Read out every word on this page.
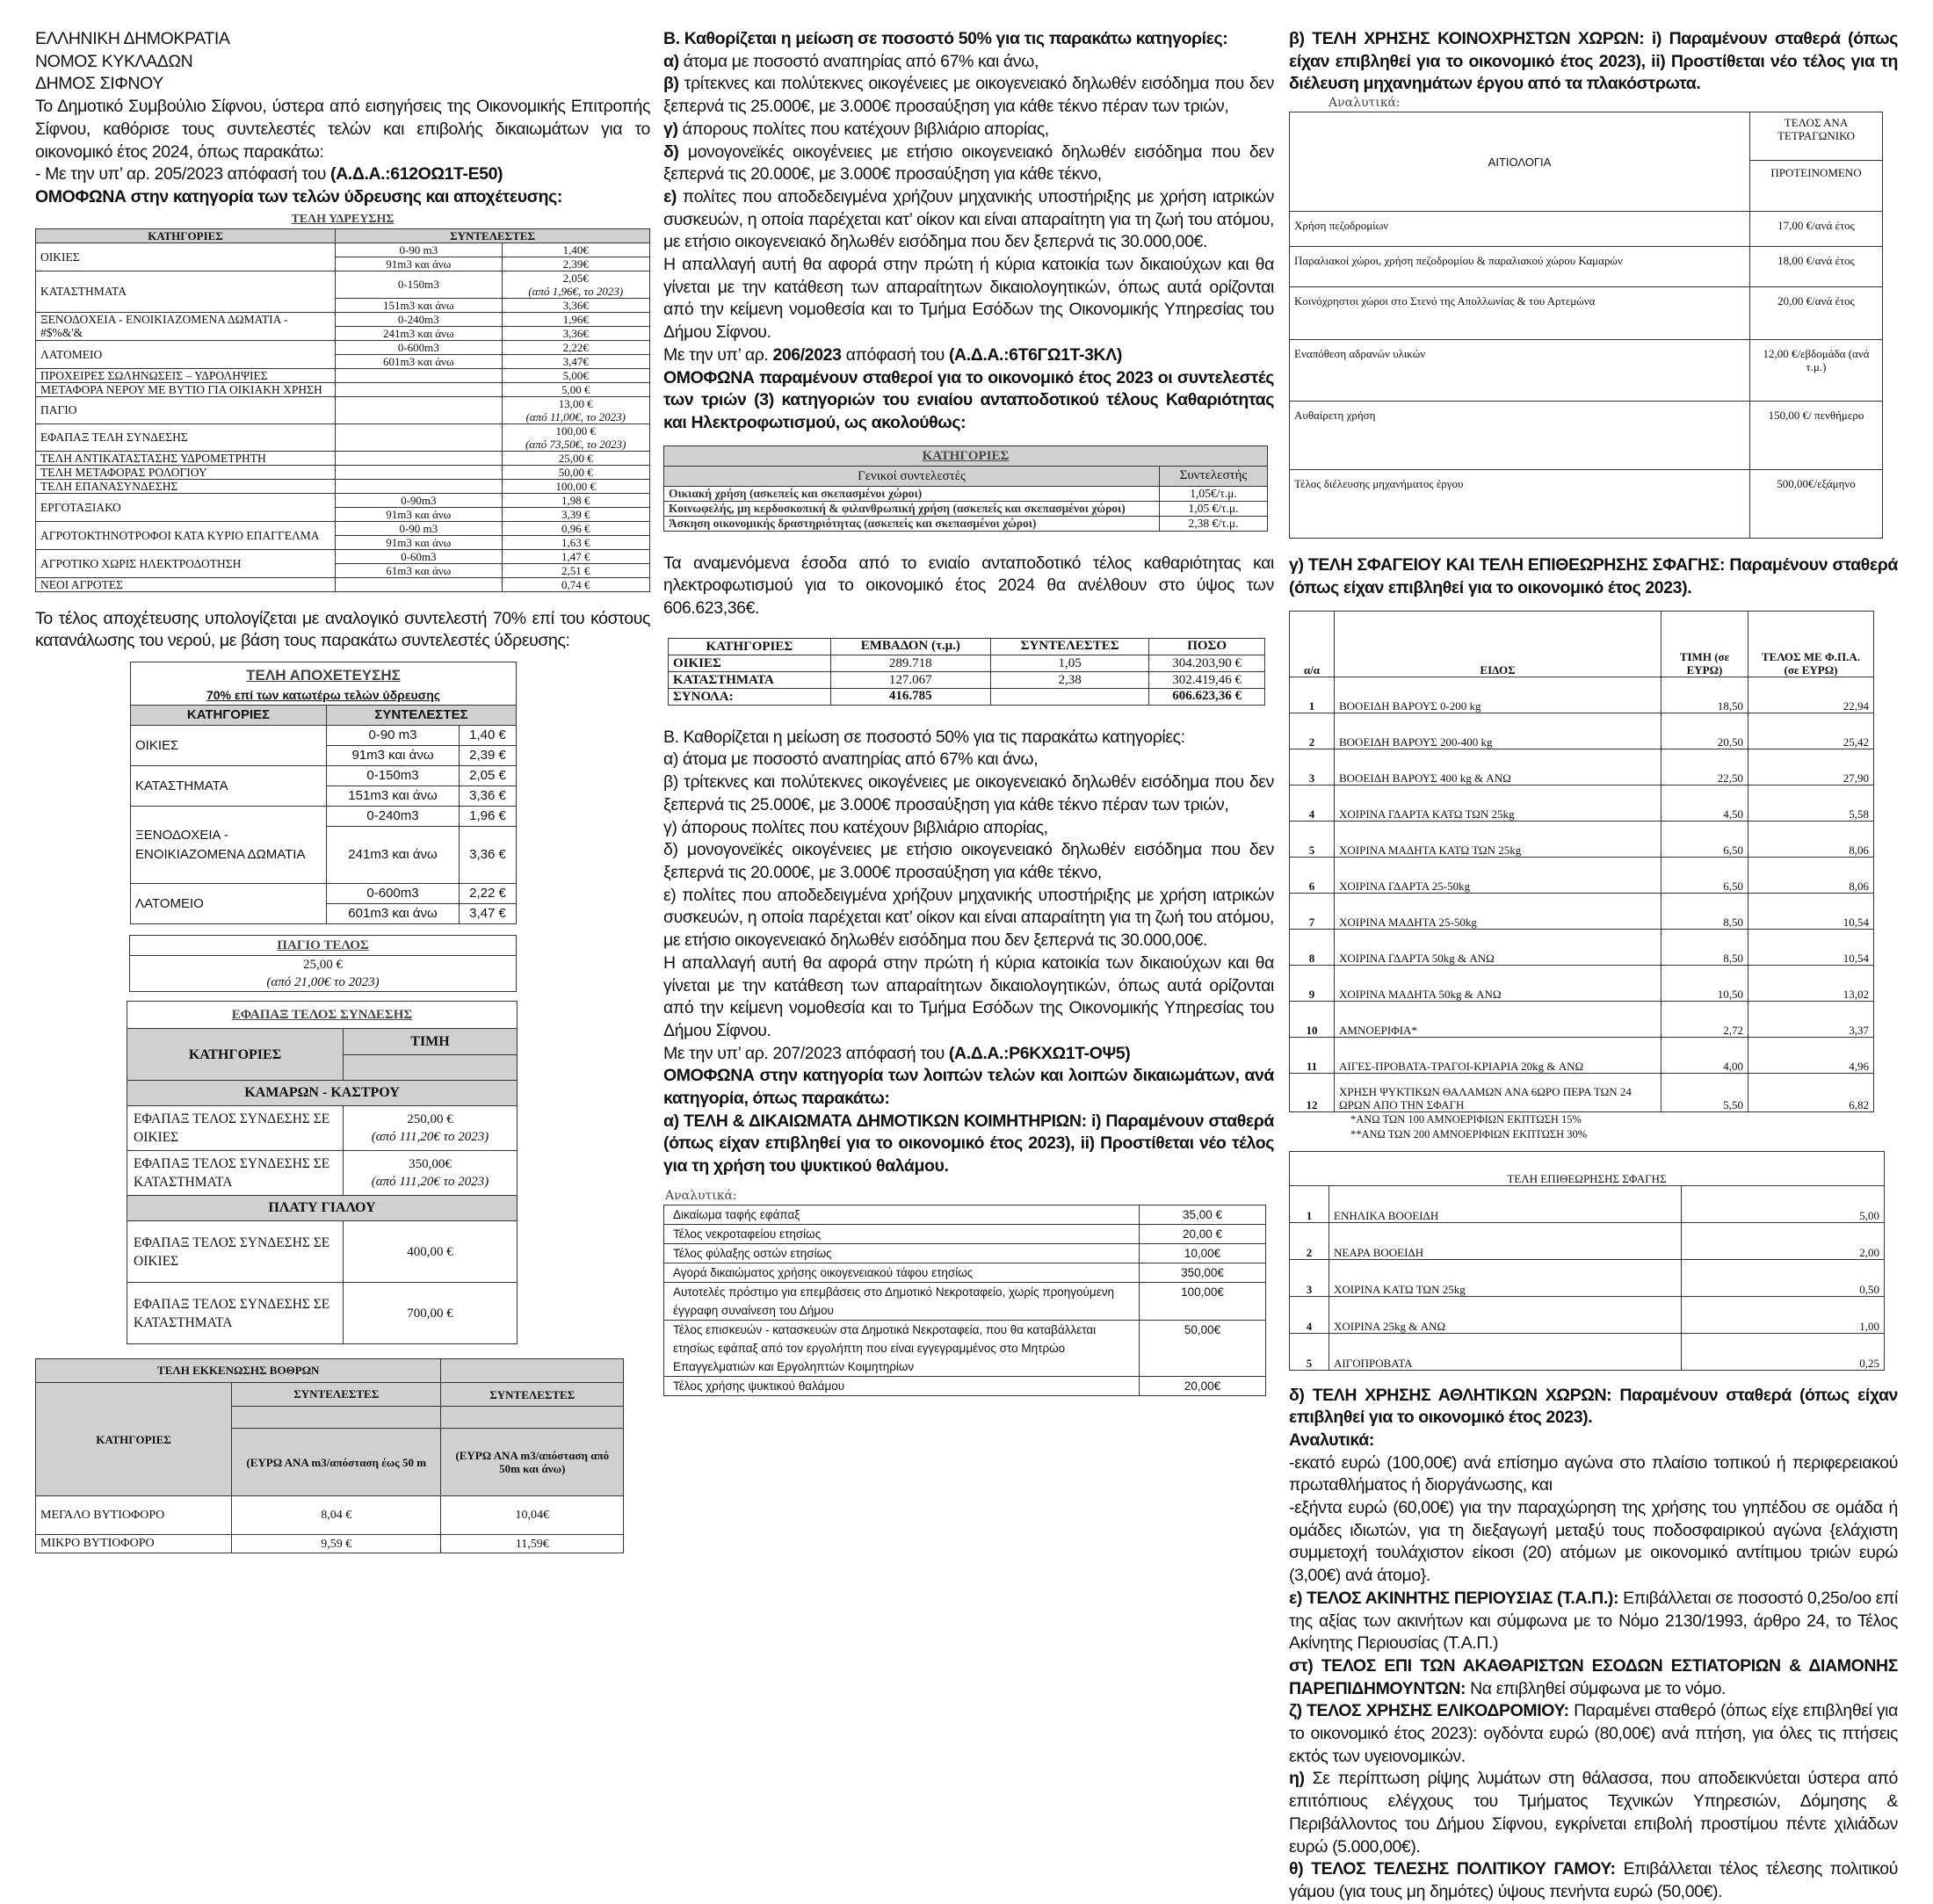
ΕΛΛΗΝΙΚΗ ΔΗΜΟΚΡΑΤΙΑ

ΝΟΜΟΣ ΚΥΚΛΑΔΩΝ

ΔΗΜΟΣ ΣΙΦΝΟΥ

Το Δημοτικό Συμβούλιο Σίφνου, ύστερα από εισηγήσεις της Οικονομικής Επιτροπής Σίφνου, καθόρισε τους συντελεστές τελών και επιβολής δικαιωμάτων για το οικονομικό έτος 2024, όπως παρακάτω:

- Με την υπ’ αρ. 205/2023 απόφασή του (Α.Δ.Α.:612ΟΩ1Τ-Ε50)

ΟΜΟΦΩΝΑ στην κατηγορία των τελών ύδρευσης και αποχέτευσης:

ΤΕΛΗ ΥΔΡΕΥΣΗΣ
ΚΑΤΗΓΟΡΙΕΣ	ΣΥΝΤΕΛΕΣΤΕΣ	
ΟΙΚΙΕΣ	0-90 m3	1,40€

	91m3 και άνω	2,39€

ΚΑΤΑΣΤΗΜΑΤΑ	0-150m3	2,05€
(από 1,96€, το 2023)

	151m3 και άνω	3,36€

ΞΕΝΟΔΟΧΕΙΑ - ΕΝΟΙΚΙΑΖΟΜΕΝΑ ΔΩΜΑΤΙΑ - #$%&'&	0-240m3	1,96€

	241m3 και άνω	3,36€

ΛΑΤΟΜΕΙΟ	0-600m3	2,22€

	601m3 και άνω	3,47€

ΠΡΟΧΕΙΡΕΣ ΣΩΛΗΝΩΣΕΙΣ – ΥΔΡΟΛΗΨΙΕΣ		5,00€

ΜΕΤΑΦΟΡΑ ΝΕΡΟΥ ΜΕ ΒΥΤΙΟ ΓΙΑ ΟΙΚΙΑΚΗ ΧΡΗΣΗ		5,00 €

ΠΑΓΙΟ		13,00 €
(από 11,00€, το 2023)

ΕΦΑΠΑΞ ΤΕΛΗ ΣΥΝΔΕΣΗΣ		100,00 €
(από 73,50€, το 2023)

ΤΕΛΗ ΑΝΤΙΚΑΤΑΣΤΑΣΗΣ ΥΔΡΟΜΕΤΡΗΤΗ		25,00 €

ΤΕΛΗ ΜΕΤΑΦΟΡΑΣ ΡΟΛΟΓΙΟΥ		50,00 €

ΤΕΛΗ ΕΠΑΝΑΣΥΝΔΕΣΗΣ		100,00 €

ΕΡΓΟΤΑΞΙΑΚΟ	0-90m3	1,98 €

	91m3 και άνω	3,39 €

ΑΓΡΟΤΟΚΤΗΝΟΤΡΟΦΟΙ ΚΑΤΑ ΚΥΡΙΟ ΕΠΑΓΓΕΛΜΑ	0-90 m3	0,96 €

	91m3 και άνω	1,63 €

ΑΓΡΟΤΙΚΟ ΧΩΡΙΣ ΗΛΕΚΤΡΟΔΟΤΗΣΗ	0-60m3	1,47 €

	61m3 και άνω	2,51 €

ΝΕΟΙ ΑΓΡΟΤΕΣ		0,74 €

Το τέλος αποχέτευσης υπολογίζεται με αναλογικό συντελεστή 70% επί του κόστους κατανάλωσης του νερού, με βάση τους παρακάτω συντελεστές ύδρευσης:

ΤΕΛΗ ΑΠΟΧΕΤΕΥΣΗΣ
70% επί των κατωτέρω τελών ύδρευσης		

ΚΑΤΗΓΟΡΙΕΣ	ΣΥΝΤΕΛΕΣΤΕΣ	
ΟΙΚΙΕΣ	0-90 m3	1,40 €
	91m3 και άνω	2,39 €
ΚΑΤΑΣΤΗΜΑΤΑ	0-150m3	2,05 €
	151m3 και άνω	3,36 €
ΞΕΝΟΔΟΧΕΙΑ - ΕΝΟΙΚΙΑΖΟΜΕΝΑ ΔΩΜΑΤΙΑ	0-240m3	1,96 €
	241m3 και άνω	3,36 €
ΛΑΤΟΜΕΙΟ	0-600m3	2,22 €
	601m3 και άνω	3,47 €
ΠΑΓΙΟ ΤΕΛΟΣ

25,00 €
(από 21,00€ το 2023)
ΕΦΑΠΑΞ ΤΕΛΟΣ ΣΥΝΔΕΣΗΣ	
ΚΑΤΗΓΟΡΙΕΣ	ΤΙΜΗ

ΚΑΜΑΡΩΝ - ΚΑΣΤΡΟΥ	
ΕΦΑΠΑΞ ΤΕΛΟΣ ΣΥΝΔΕΣΗΣ ΣΕ ΟΙΚΙΕΣ	250,00 €
(από 111,20€ το 2023)

ΕΦΑΠΑΞ ΤΕΛΟΣ ΣΥΝΔΕΣΗΣ ΣΕ ΚΑΤΑΣΤΗΜΑΤΑ	350,00€
(από 111,20€ το 2023)

ΠΛΑΤΥ ΓΙΑΛΟΥ	
ΕΦΑΠΑΞ ΤΕΛΟΣ ΣΥΝΔΕΣΗΣ ΣΕ ΟΙΚΙΕΣ	400,00 €

ΕΦΑΠΑΞ ΤΕΛΟΣ ΣΥΝΔΕΣΗΣ ΣΕ ΚΑΤΑΣΤΗΜΑΤΑ	700,00 €
ΤΕΛΗ ΕΚΚΕΝΩΣΗΣ ΒΟΘΡΩΝ		
ΚΑΤΗΓΟΡΙΕΣ	ΣΥΝΤΕΛΕΣΤΕΣ	ΣΥΝΤΕΛΕΣΤΕΣ

	(ΕΥΡΩ ΑΝΑ m3/απόσταση έως 50 m	(ΕΥΡΩ ΑΝΑ m3/απόσταση από 50m και άνω)
ΜΕΓΑΛΟ ΒΥΤΙΟΦΟΡΟ	8,04 €	10,04€
ΜΙΚΡΟ ΒΥΤΙΟΦΟΡΟ	9,59 €	11,59€

Β. Καθορίζεται η μείωση σε ποσοστό 50% για τις παρακάτω κατηγορίες:

α) άτομα με ποσοστό αναπηρίας από 67% και άνω,

β) τρίτεκνες και πολύτεκνες οικογένειες με οικογενειακό δηλωθέν εισόδημα που δεν ξεπερνά τις 25.000€, με 3.000€ προσαύξηση για κάθε τέκνο πέραν των τριών,

γ) άπορους πολίτες που κατέχουν βιβλιάριο απορίας,

δ) μονογονεϊκές οικογένειες με ετήσιο οικογενειακό δηλωθέν εισόδημα που δεν ξεπερνά τις 20.000€, με 3.000€ προσαύξηση για κάθε τέκνο,

ε) πολίτες που αποδεδειγμένα χρήζουν μηχανικής υποστήριξης με χρήση ιατρικών συσκευών, η οποία παρέχεται κατ’ οίκον και είναι απαραίτητη για τη ζωή του ατόμου, με ετήσιο οικογενειακό δηλωθέν εισόδημα που δεν ξεπερνά τις 30.000,00€.

Η απαλλαγή αυτή θα αφορά στην πρώτη ή κύρια κατοικία των δικαιούχων και θα γίνεται με την κατάθεση των απαραίτητων δικαιολογητικών, όπως αυτά ορίζονται από την κείμενη νομοθεσία και το Τμήμα Εσόδων της Οικονομικής Υπηρεσίας του Δήμου Σίφνου.

Με την υπ’ αρ. 206/2023 απόφασή του (Α.Δ.Α.:6Τ6ΓΩ1Τ-3ΚΛ)

ΟΜΟΦΩΝΑ παραμένουν σταθεροί για το οικονομικό έτος 2023 οι συντελεστές των τριών (3) κατηγοριών του ενιαίου ανταποδοτικού τέλους Καθαριότητας και Ηλεκτροφωτισμού, ως ακολούθως:

ΚΑΤΗΓΟΡΙΕΣ	
Γενικοί συντελεστές	Συντελεστής
Οικιακή χρήση (ασκεπείς και σκεπασμένοι χώροι)	1,05€/τ.μ.
Κοινωφελής, μη κερδοσκοπική & φιλανθρωπική χρήση (ασκεπείς και σκεπασμένοι χώροι)	1,05 €/τ.μ.
Άσκηση οικονομικής δραστηριότητας (ασκεπείς και σκεπασμένοι χώροι)	2,38 €/τ.μ.

Τα αναμενόμενα έσοδα από το ενιαίο ανταποδοτικό τέλος καθαριότητας και ηλεκτροφωτισμού για το οικονομικό έτος 2024 θα ανέλθουν στο ύψος των 606.623,36€.

ΚΑΤΗΓΟΡΙΕΣ	ΕΜΒΑΔΟΝ (τ.μ.)	ΣΥΝΤΕΛΕΣΤΕΣ	ΠΟΣΟ
ΟΙΚΙΕΣ	289.718	1,05	304.203,90 €
ΚΑΤΑΣΤΗΜΑΤΑ	127.067	2,38	302.419,46 €
ΣΥΝΟΛΑ:	416.785		606.623,36 €

Β. Καθορίζεται η μείωση σε ποσοστό 50% για τις παρακάτω κατηγορίες:

α) άτομα με ποσοστό αναπηρίας από 67% και άνω,

β) τρίτεκνες και πολύτεκνες οικογένειες με οικογενειακό δηλωθέν εισόδημα που δεν ξεπερνά τις 25.000€, με 3.000€ προσαύξηση για κάθε τέκνο πέραν των τριών,

γ) άπορους πολίτες που κατέχουν βιβλιάριο απορίας,

δ) μονογονεϊκές οικογένειες με ετήσιο οικογενειακό δηλωθέν εισόδημα που δεν ξεπερνά τις 20.000€, με 3.000€ προσαύξηση για κάθε τέκνο,

ε) πολίτες που αποδεδειγμένα χρήζουν μηχανικής υποστήριξης με χρήση ιατρικών συσκευών, η οποία παρέχεται κατ’ οίκον και είναι απαραίτητη για τη ζωή του ατόμου, με ετήσιο οικογενειακό δηλωθέν εισόδημα που δεν ξεπερνά τις 30.000,00€.

Η απαλλαγή αυτή θα αφορά στην πρώτη ή κύρια κατοικία των δικαιούχων και θα γίνεται με την κατάθεση των απαραίτητων δικαιολογητικών, όπως αυτά ορίζονται από την κείμενη νομοθεσία και το Τμήμα Εσόδων της Οικονομικής Υπηρεσίας του Δήμου Σίφνου.

Με την υπ’ αρ. 207/2023 απόφασή του (Α.Δ.Α.:Ρ6ΚΧΩ1Τ-ΟΨ5)

ΟΜΟΦΩΝΑ στην κατηγορία των λοιπών τελών και λοιπών δικαιωμάτων, ανά κατηγορία, όπως παρακάτω:

α) ΤΕΛΗ & ΔΙΚΑΙΩΜΑΤΑ ΔΗΜΟΤΙΚΩΝ ΚΟΙΜΗΤΗΡΙΩΝ: i) Παραμένουν σταθερά (όπως είχαν επιβληθεί για το οικονομικό έτος 2023), ii) Προστίθεται νέο τέλος για τη χρήση του ψυκτικού θαλάμου.

Αναλυτικά:
Δικαίωμα ταφής εφάπαξ	35,00 €
Τέλος νεκροταφείου ετησίως	20,00 €
Τέλος φύλαξης οστών ετησίως	10,00€
Αγορά δικαιώματος χρήσης οικογενειακού τάφου ετησίως	350,00€
Αυτοτελές πρόστιμο για επεμβάσεις στο Δημοτικό Νεκροταφείο, χωρίς προηγούμενη έγγραφη συναίνεση του Δήμου	100,00€
Τέλος επισκευών - κατασκευών στα Δημοτικά Νεκροταφεία, που θα καταβάλλεται ετησίως εφάπαξ από τον εργολήπτη που είναι εγγεγραμμένος στο Μητρώο Επαγγελματιών και Εργοληπτών Κοιμητηρίων	50,00€
Τέλος χρήσης ψυκτικού θαλάμου	20,00€

β) ΤΕΛΗ ΧΡΗΣΗΣ ΚΟΙΝΟΧΡΗΣΤΩΝ ΧΩΡΩΝ: i) Παραμένουν σταθερά (όπως είχαν επιβληθεί για το οικονομικό έτος 2023), ii) Προστίθεται νέο τέλος για τη διέλευση μηχανημάτων έργου από τα πλακόστρωτα.

Αναλυτικά:
ΑΙΤΙΟΛΟΓΙΑ	ΤΕΛΟΣ ΑΝΑ ΤΕΤΡΑΓΩΝΙΚΟ
	ΠΡΟΤΕΙΝΟΜΕΝΟ
Χρήση πεζοδρομίων	17,00 €/ανά έτος
Παραλιακοί χώροι, χρήση πεζοδρομίου & παραλιακού χώρου Καμαρών	18,00 €/ανά έτος
Κοινόχρηστοι χώροι στο Στενό της Απολλωνίας & του Αρτεμώνα	20,00 €/ανά έτος
Εναπόθεση αδρανών υλικών	12,00 €/εβδομάδα (ανά τ.μ.)
Αυθαίρετη χρήση	150,00 €/ πενθήμερο
Τέλος διέλευσης μηχανήματος έργου	500,00€/εξάμηνο

γ) ΤΕΛΗ ΣΦΑΓΕΙΟΥ ΚΑΙ ΤΕΛΗ ΕΠΙΘΕΩΡΗΣΗΣ ΣΦΑΓΗΣ: Παραμένουν σταθερά (όπως είχαν επιβληθεί για το οικονομικό έτος 2023).

α/α	ΕΙΔΟΣ	ΤΙΜΗ (σε ΕΥΡΩ)	ΤΕΛΟΣ ΜΕ Φ.Π.Α. (σε ΕΥΡΩ)
1	ΒΟΟΕΙΔΗ ΒΑΡΟΥΣ 0-200 kg	18,50	22,94
2	ΒΟΟΕΙΔΗ ΒΑΡΟΥΣ 200-400 kg	20,50	25,42
3	ΒΟΟΕΙΔΗ ΒΑΡΟΥΣ 400 kg & ΑΝΩ	22,50	27,90
4	ΧΟΙΡΙΝΑ ΓΔΑΡΤΑ ΚΑΤΩ ΤΩΝ 25kg	4,50	5,58
5	ΧΟΙΡΙΝΑ ΜΑΔΗΤΑ ΚΑΤΩ ΤΩΝ 25kg	6,50	8,06
6	ΧΟΙΡΙΝΑ ΓΔΑΡΤΑ 25-50kg	6,50	8,06
7	ΧΟΙΡΙΝΑ ΜΑΔΗΤΑ 25-50kg	8,50	10,54
8	ΧΟΙΡΙΝΑ ΓΔΑΡΤΑ 50kg & ΑΝΩ	8,50	10,54
9	ΧΟΙΡΙΝΑ ΜΑΔΗΤΑ 50kg & ΑΝΩ	10,50	13,02
10	ΑΜΝΟΕΡΙΦΙΑ*	2,72	3,37
11	ΑΙΓΕΣ-ΠΡΟΒΑΤΑ-ΤΡΑΓΟΙ-ΚΡΙΑΡΙΑ 20kg & ΑΝΩ	4,00	4,96
12	ΧΡΗΣΗ ΨΥΚΤΙΚΩΝ ΘΑΛΑΜΩΝ ΑΝΑ 6ΩΡΟ ΠΕΡΑ ΤΩΝ 24 ΩΡΩΝ ΑΠΟ ΤΗΝ ΣΦΑΓΗ	5,50	6,82
*ΑΝΩ ΤΩΝ 100 ΑΜΝΟΕΡΙΦΙΩΝ ΕΚΠΤΩΣΗ 15%
**ΑΝΩ ΤΩΝ 200 ΑΜΝΟΕΡΙΦΙΩΝ ΕΚΠΤΩΣΗ 30%
ΤΕΛΗ ΕΠΙΘΕΩΡΗΣΗΣ ΣΦΑΓΗΣ		
1	ΕΝΗΛΙΚΑ ΒΟΟΕΙΔΗ	5,00
2	ΝΕΑΡΑ ΒΟΟΕΙΔΗ	2,00
3	ΧΟΙΡΙΝΑ ΚΑΤΩ ΤΩΝ 25kg	0,50
4	ΧΟΙΡΙΝΑ 25kg & ΑΝΩ	1,00
5	ΑΙΓΟΠΡΟΒΑΤΑ	0,25

δ) ΤΕΛΗ ΧΡΗΣΗΣ ΑΘΛΗΤΙΚΩΝ ΧΩΡΩΝ: Παραμένουν σταθερά (όπως είχαν επιβληθεί για το οικονομικό έτος 2023).

Αναλυτικά:

-εκατό ευρώ (100,00€) ανά επίσημο αγώνα στο πλαίσιο τοπικού ή περιφερειακού πρωταθλήματος ή διοργάνωσης, και

-εξήντα ευρώ (60,00€) για την παραχώρηση της χρήσης του γηπέδου σε ομάδα ή ομάδες ιδιωτών, για τη διεξαγωγή μεταξύ τους ποδοσφαιρικού αγώνα {ελάχιστη συμμετοχή τουλάχιστον είκοσι (20) ατόμων με οικονομικό αντίτιμου τριών ευρώ (3,00€) ανά άτομο}.

ε) ΤΕΛΟΣ ΑΚΙΝΗΤΗΣ ΠΕΡΙΟΥΣΙΑΣ (Τ.Α.Π.): Επιβάλλεται σε ποσοστό 0,25ο/οο επί της αξίας των ακινήτων και σύμφωνα με το Νόμο 2130/1993, άρθρο 24, το Τέλος Ακίνητης Περιουσίας (Τ.Α.Π.)

στ) ΤΕΛΟΣ ΕΠΙ ΤΩΝ ΑΚΑΘΑΡΙΣΤΩΝ ΕΣΟΔΩΝ ΕΣΤΙΑΤΟΡΙΩΝ & ΔΙΑΜΟΝΗΣ ΠΑΡΕΠΙΔΗΜΟΥΝΤΩΝ: Να επιβληθεί σύμφωνα με το νόμο.

ζ) ΤΕΛΟΣ ΧΡΗΣΗΣ ΕΛΙΚΟΔΡΟΜΙΟΥ: Παραμένει σταθερό (όπως είχε επιβληθεί για το οικονομικό έτος 2023): ογδόντα ευρώ (80,00€) ανά πτήση, για όλες τις πτήσεις εκτός των υγειονομικών.

η) Σε περίπτωση ρίψης λυμάτων στη θάλασσα, που αποδεικνύεται ύστερα από επιτόπιους ελέγχους του Τμήματος Τεχνικών Υπηρεσιών, Δόμησης & Περιβάλλοντος του Δήμου Σίφνου, εγκρίνεται επιβολή προστίμου πέντε χιλιάδων ευρώ (5.000,00€).

θ) ΤΕΛΟΣ ΤΕΛΕΣΗΣ ΠΟΛΙΤΙΚΟΥ ΓΑΜΟΥ: Επιβάλλεται τέλος τέλεσης πολιτικού γάμου (για τους μη δημότες) ύψους πενήντα ευρώ (50,00€).
